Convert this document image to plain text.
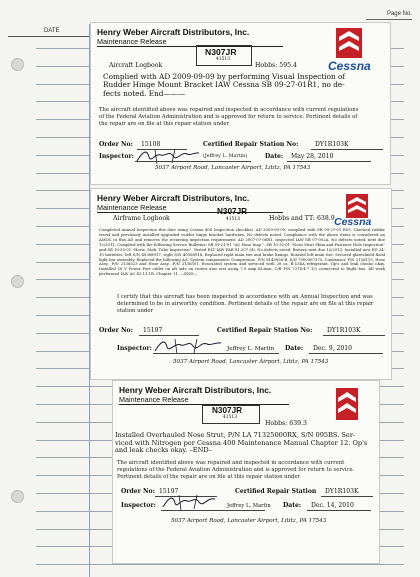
Page No.
DATE	Henry Weber Aircraft Distributors, Inc.
Maintenance Release
N307JR
41513
Aircraft Logbook	Hobbs: 595.4	Cessna
Complied with AD 2009-09-09 by performing Visual Inspection of
Rudder Hinge Mount Bracket IAW Cessna SB 09-27-01R1, no de-
fects noted. End———
The aircraft identified above was repaired and inspected in accordance with current regulations
of the Federal Aviation Administration and is approved for return to service. Pertinent details of
the repair are on file at this repair station under
Order No: 15108	Certified Repair Station No:	DY1R103K
Inspector:	(Jeffrey L. Martin)	Date: May 28, 2010
5037 Airport Road, Lancaster Airport, Lititz, PA 17543
Henry Weber Aircraft Distributors, Inc.
Maintenance Release	N307JR
41513
Airframe Logbook	Hobbs and TT: 638.9 Cessna
Completed Annual Inspection this date using Cessna 400 Inspection checklist. AD 2009-09-09, complied with SB 09-27-01 R03. Checked rudder travel and previously installed upgraded rudder hinge bracket hardware. No defects noted. Compliance with the above items is considered an AMOC to this AD and removes the recurring inspection requirement. AD 2007-07-06R1, inspected IAW SB 07-002A. No defects noted, next due 12/2011. Complied with the following Service Bulletins: SB 09-21-01 "AC Hose Insp ", SB 10-32-01 "Nose Strut Shim and Fastener Hole Inspection" and SB 10-55-01 "Horiz. Stab. Tube Inspection". Tested ELT IAW FAR 91.207 (d). No defects noted. Battery next due 12/2013. Installed new EG 24-10 batteries, left S/N 40388917, right S/N 40388918. Replaced right main tire and brake linings. Rotated left main tire. Secured glareshield flood light bar assembly. Replaced the following A/C System components: Compressor., P/N 8145056-B, S/N 7900367375, Condenser, P/N 2136115, Hose Assy., P/N 2136523 and Hose Assy., P/N 2136501. Evacuated system and serviced with 28 oz. R-134A refrigerant. Op's and leak checks okay. Installed 28 V Power Port outlet on aft side on center arm rest using 7.5 amp KLixon, C/B P/N 7274-4-7 1/2 connected to Right bus. All work performed IAW AC 43.13.1B, Chapter 11. —END—
I certify that this aircraft has been inspected in accordance with an Annual Inspection and was
determined to be in airworthy condition. Pertinent details of the repair are on file at this repair
station under
Order No: 15197	Certified Repair Station No: DY1R103K
Inspector:	Jeffrey L. Martin Date: Dec. 9, 2010
5037 Airport Road, Lancaster Airport, Lititz, PA 17543
Henry Weber Aircraft Distributors, Inc.
Maintenance Release
N307JR
41513
Hobbs: 639.3
Installed Overhauled Nose Strut, P/N LA 71325000RX, S/N 095BS. Ser-
viced with Nitrogen per Cessna 400 Maintenance Manual Chapter 12. Op's
and leak checks okay. –END–
The aircraft identified above was repaired and inspected in accordance with current
regulations of the Federal Aviation Administration and is approved for return to service.
Pertinent details of the repair are on file at this repair station under
Order No: 15197	Certified Repair Station DY1R103K
Inspector:	Jeffrey L. Martin Date: Dec. 14, 2010
5037 Airport Road, Lancaster Airport, Lititz, PA 17543
